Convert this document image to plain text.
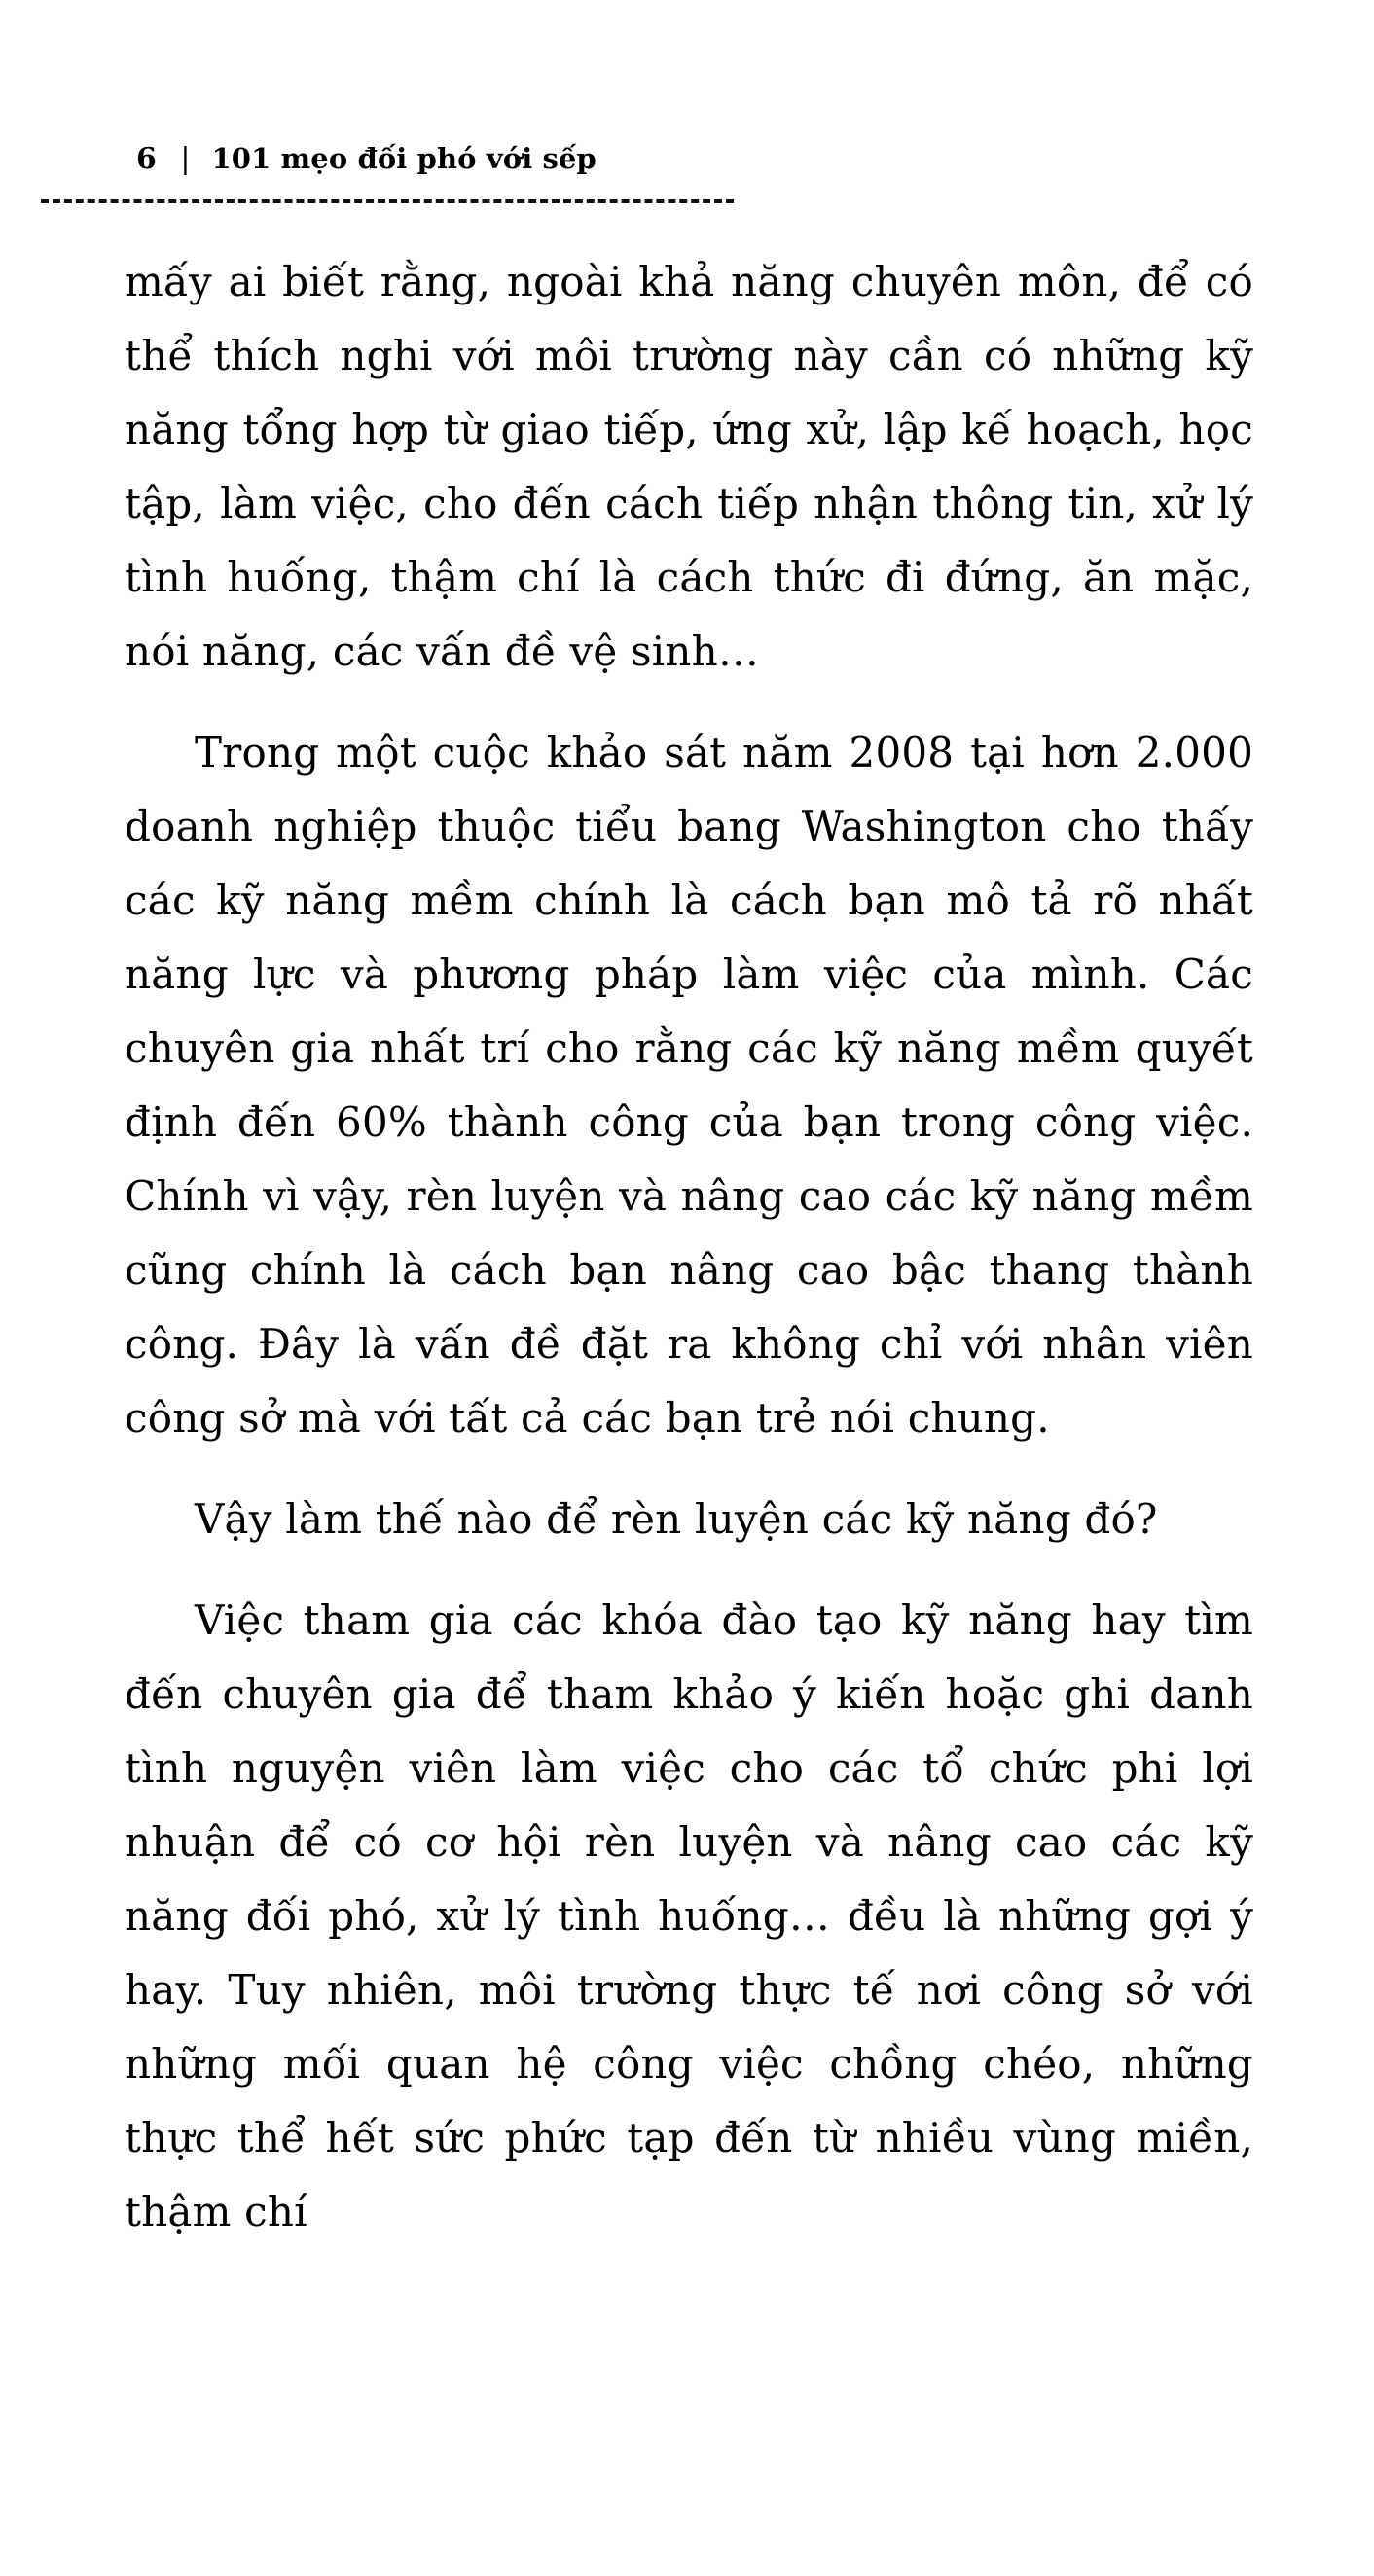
6 | 101 mẹo đối phó với sếp

mấy ai biết rằng, ngoài khả năng chuyên môn, để có thể thích nghi với môi trường này cần có những kỹ năng tổng hợp từ giao tiếp, ứng xử, lập kế hoạch, học tập, làm việc, cho đến cách tiếp nhận thông tin, xử lý tình huống, thậm chí là cách thức đi đứng, ăn mặc, nói năng, các vấn đề vệ sinh…

Trong một cuộc khảo sát năm 2008 tại hơn 2.000 doanh nghiệp thuộc tiểu bang Washington cho thấy các kỹ năng mềm chính là cách bạn mô tả rõ nhất năng lực và phương pháp làm việc của mình. Các chuyên gia nhất trí cho rằng các kỹ năng mềm quyết định đến 60% thành công của bạn trong công việc. Chính vì vậy, rèn luyện và nâng cao các kỹ năng mềm cũng chính là cách bạn nâng cao bậc thang thành công. Đây là vấn đề đặt ra không chỉ với nhân viên công sở mà với tất cả các bạn trẻ nói chung.

Vậy làm thế nào để rèn luyện các kỹ năng đó?

Việc tham gia các khóa đào tạo kỹ năng hay tìm đến chuyên gia để tham khảo ý kiến hoặc ghi danh tình nguyện viên làm việc cho các tổ chức phi lợi nhuận để có cơ hội rèn luyện và nâng cao các kỹ năng đối phó, xử lý tình huống… đều là những gợi ý hay. Tuy nhiên, môi trường thực tế nơi công sở với những mối quan hệ công việc chồng chéo, những thực thể hết sức phức tạp đến từ nhiều vùng miền, thậm chí
